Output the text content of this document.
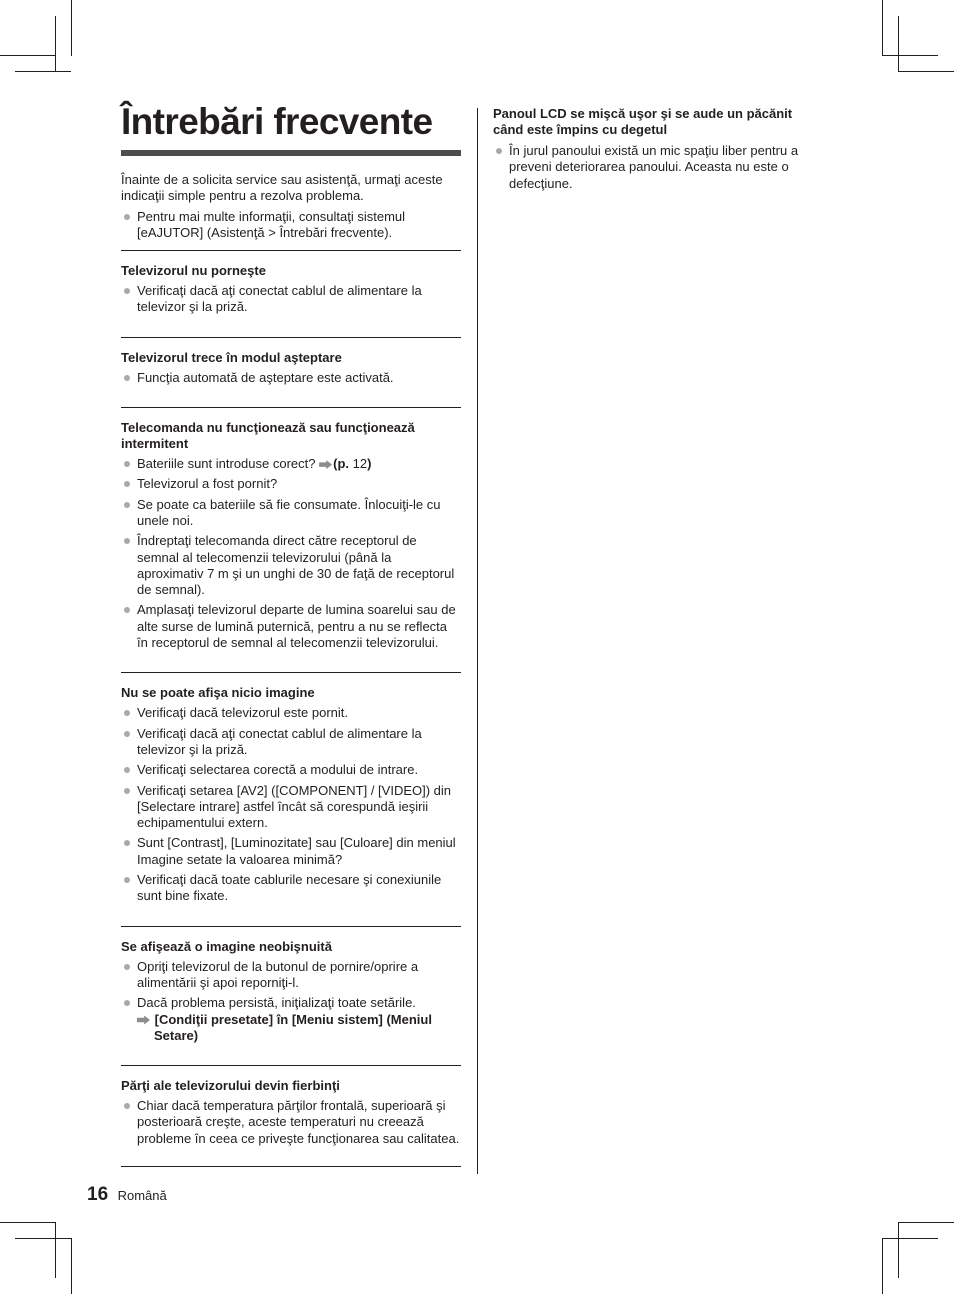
Întrebări frecvente

Înainte de a solicita service sau asistenţă, urmaţi aceste indicaţii simple pentru a rezolva problema.

Pentru mai multe informaţii, consultaţi sistemul [eAJUTOR] (Asistenţă > Întrebări frecvente).
Televizorul nu porneşte
Verificaţi dacă aţi conectat cablul de alimentare la televizor şi la priză.
Televizorul trece în modul aşteptare
Funcţia automată de aşteptare este activată.
Telecomanda nu funcţionează sau funcţionează intermitent
Bateriile sunt introduse corect? (p. 12)
Televizorul a fost pornit?
Se poate ca bateriile să fie consumate. Înlocuiţi-le cu unele noi.
Îndreptaţi telecomanda direct către receptorul de semnal al telecomenzii televizorului (până la aproximativ 7 m şi un unghi de 30 de faţă de receptorul de semnal).
Amplasaţi televizorul departe de lumina soarelui sau de alte surse de lumină puternică, pentru a nu se reflecta în receptorul de semnal al telecomenzii televizorului.
Nu se poate afişa nicio imagine
Verificaţi dacă televizorul este pornit.
Verificaţi dacă aţi conectat cablul de alimentare la televizor şi la priză.
Verificaţi selectarea corectă a modului de intrare.
Verificaţi setarea [AV2] ([COMPONENT] / [VIDEO]) din [Selectare intrare] astfel încât să corespundă ieşirii echipamentului extern.
Sunt [Contrast], [Luminozitate] sau [Culoare] din meniul Imagine setate la valoarea minimă?
Verificaţi dacă toate cablurile necesare şi conexiunile sunt bine fixate.
Se afişează o imagine neobişnuită
Opriţi televizorul de la butonul de pornire/oprire a alimentării şi apoi reporniţi-l.
Dacă problema persistă, iniţializaţi toate setările.
[Condiţii presetate] în [Meniu sistem] (Meniul
Setare)
Părţi ale televizorului devin fierbinţi
Chiar dacă temperatura părţilor frontală, superioară şi posterioară creşte, aceste temperaturi nu creează probleme în ceea ce priveşte funcţionarea sau calitatea.
Panoul LCD se mişcă uşor şi se aude un păcănit când este împins cu degetul
În jurul panoului există un mic spaţiu liber pentru a preveni deteriorarea panoului. Aceasta nu este o defecţiune.
16 Română
